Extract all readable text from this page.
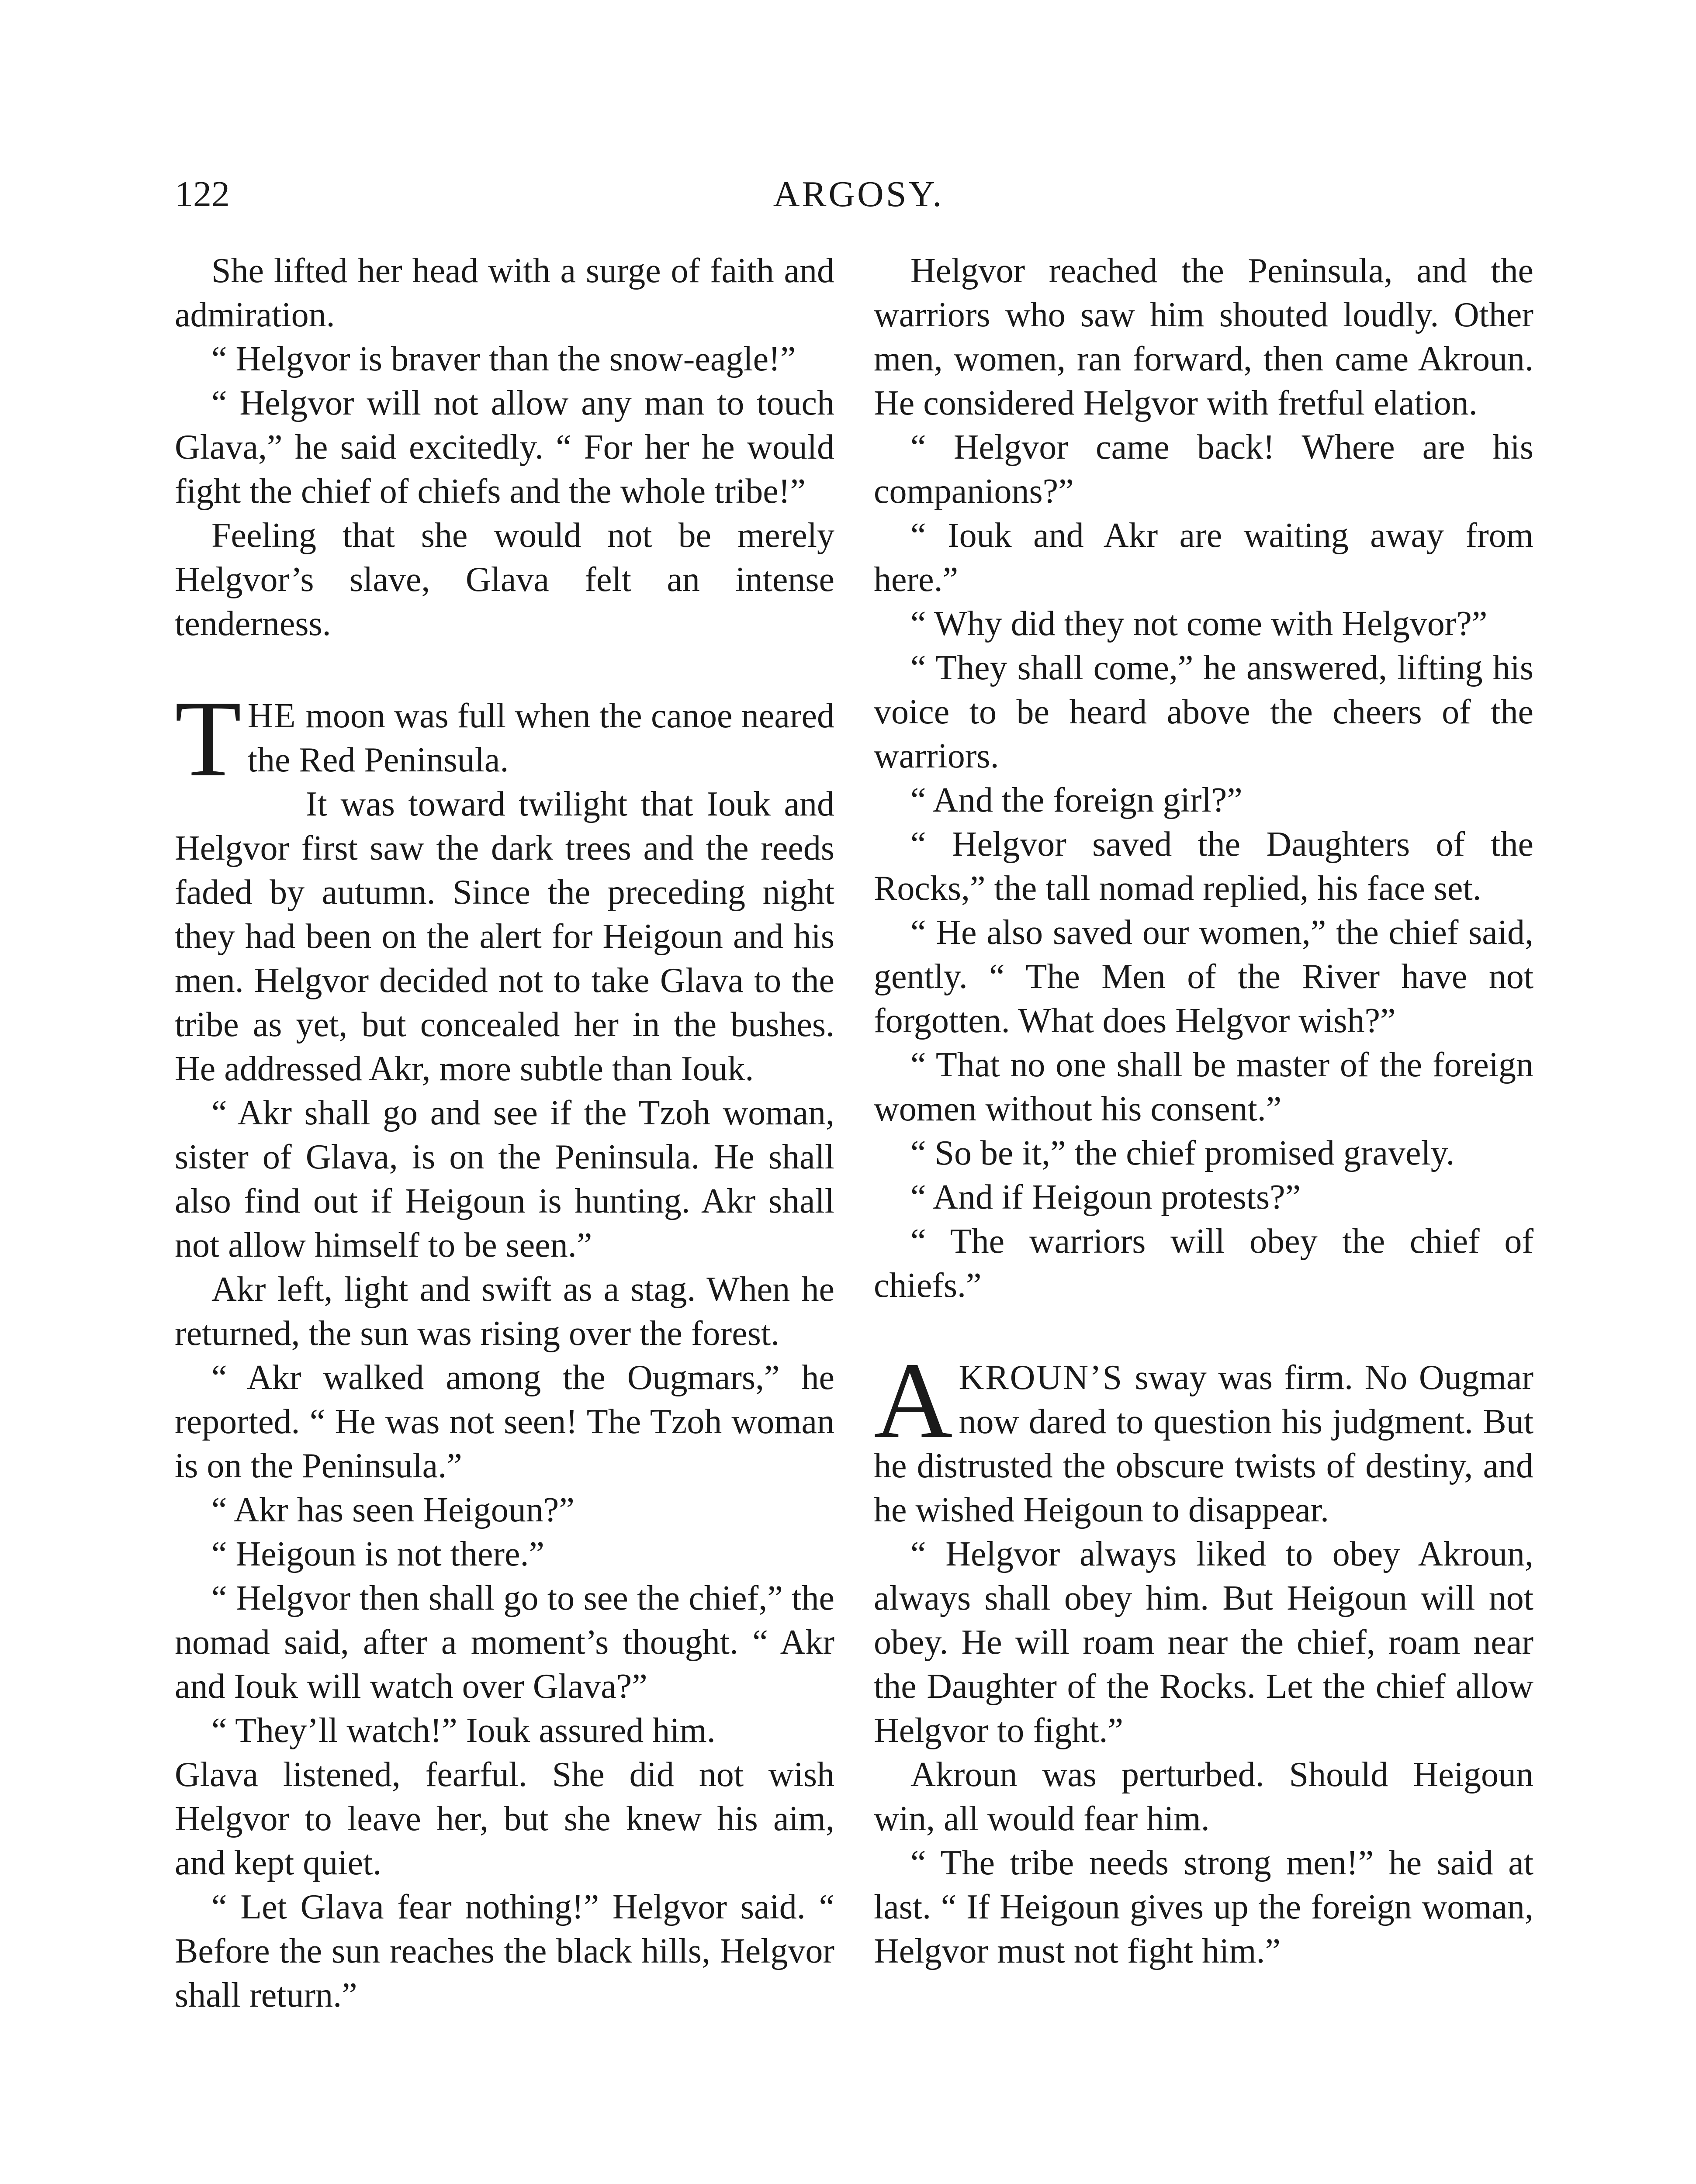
122	ARGOSY.

She lifted her head with a surge of faith and admiration.

“ Helgvor is braver than the snow-eagle!”

“ Helgvor will not allow any man to touch Glava,” he said excitedly. “ For her he would fight the chief of chiefs and the whole tribe!”

Feeling that she would not be merely Helgvor’s slave, Glava felt an intense tenderness.

THE moon was full when the canoe neared the Red Peninsula.

It was toward twilight that Iouk and Helgvor first saw the dark trees and the reeds faded by autumn. Since the preceding night they had been on the alert for Heigoun and his men. Helgvor decided not to take Glava to the tribe as yet, but concealed her in the bushes. He addressed Akr, more subtle than Iouk.

“ Akr shall go and see if the Tzoh woman, sister of Glava, is on the Peninsula. He shall also find out if Heigoun is hunting. Akr shall not allow himself to be seen.”

Akr left, light and swift as a stag. When he returned, the sun was rising over the forest.

“ Akr walked among the Ougmars,” he reported. “ He was not seen! The Tzoh woman is on the Peninsula.”

“ Akr has seen Heigoun?”

“ Heigoun is not there.”

“ Helgvor then shall go to see the chief,” the nomad said, after a moment’s thought. “ Akr and Iouk will watch over Glava?”

“ They’ll watch!” Iouk assured him.

Glava listened, fearful. She did not wish Helgvor to leave her, but she knew his aim, and kept quiet.

“ Let Glava fear nothing!” Helgvor said. “ Before the sun reaches the black hills, Helgvor shall return.”

Helgvor reached the Peninsula, and the warriors who saw him shouted loudly. Other men, women, ran forward, then came Akroun. He considered Helgvor with fretful elation.

“ Helgvor came back! Where are his companions?”

“ Iouk and Akr are waiting away from here.”

“ Why did they not come with Helgvor?”

“ They shall come,” he answered, lifting his voice to be heard above the cheers of the warriors.

“ And the foreign girl?”

“ Helgvor saved the Daughters of the Rocks,” the tall nomad replied, his face set.

“ He also saved our women,” the chief said, gently. “ The Men of the River have not forgotten. What does Helgvor wish?”

“ That no one shall be master of the foreign women without his consent.”

“ So be it,” the chief promised gravely.

“ And if Heigoun protests?”

“ The warriors will obey the chief of chiefs.”

AKROUN’S sway was firm. No Ougmar now dared to question his judgment. But he distrusted the obscure twists of destiny, and he wished Heigoun to disappear.

“ Helgvor always liked to obey Akroun, always shall obey him. But Heigoun will not obey. He will roam near the chief, roam near the Daughter of the Rocks. Let the chief allow Helgvor to fight.”

Akroun was perturbed. Should Heigoun win, all would fear him.

“ The tribe needs strong men!” he said at last. “ If Heigoun gives up the foreign woman, Helgvor must not fight him.”
